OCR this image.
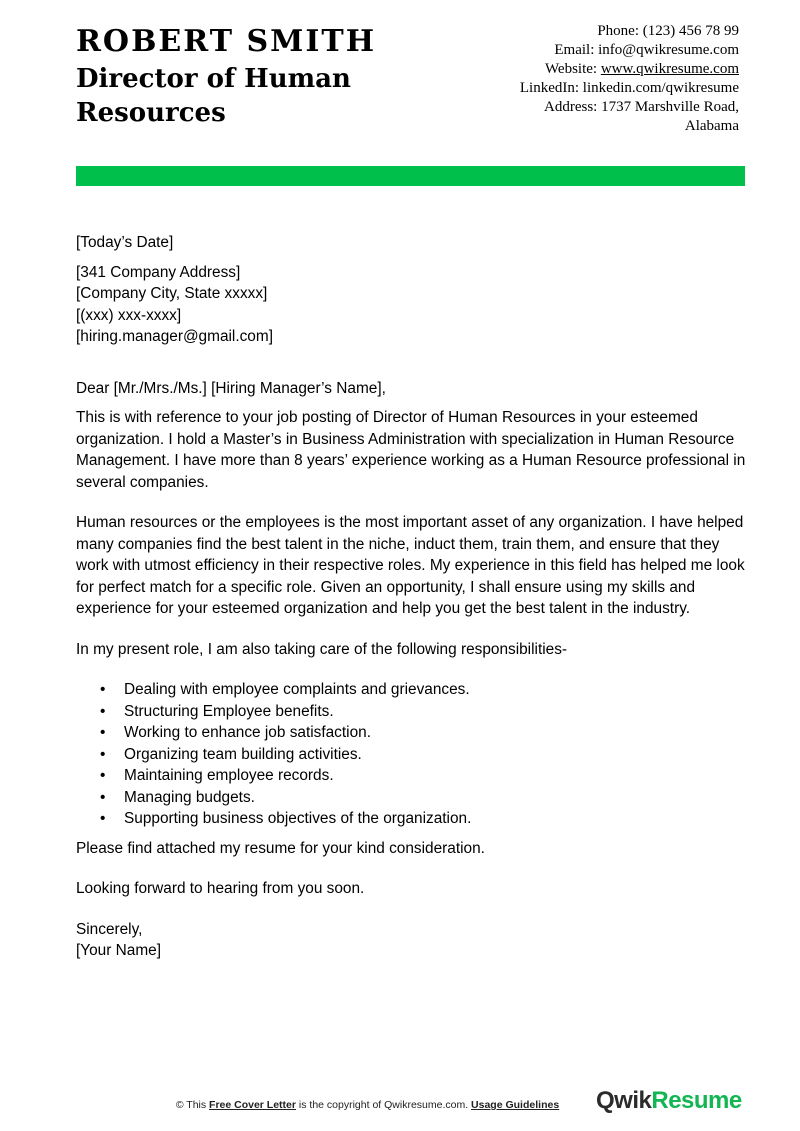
ROBERT SMITH
Director of Human Resources
Phone: (123) 456 78 99
Email: info@qwikresume.com
Website: www.qwikresume.com
LinkedIn: linkedin.com/qwikresume
Address: 1737 Marshville Road,
Alabama

[Today’s Date]

[341 Company Address]

[Company City, State xxxxx]

[(xxx) xxx-xxxx]

[hiring.manager@gmail.com]

Dear [Mr./Mrs./Ms.] [Hiring Manager’s Name],

This is with reference to your job posting of Director of Human Resources in your esteemed organization. I hold a Master’s in Business Administration with specialization in Human Resource Management. I have more than 8 years’ experience working as a Human Resource professional in several companies.

Human resources or the employees is the most important asset of any organization. I have helped many companies find the best talent in the niche, induct them, train them, and ensure that they work with utmost efficiency in their respective roles. My experience in this field has helped me look for perfect match for a specific role. Given an opportunity, I shall ensure using my skills and experience for your esteemed organization and help you get the best talent in the industry.

In my present role, I am also taking care of the following responsibilities-

• Dealing with employee complaints and grievances.
• Structuring Employee benefits.
• Working to enhance job satisfaction.
• Organizing team building activities.
• Maintaining employee records.
• Managing budgets.
• Supporting business objectives of the organization.

Please find attached my resume for your kind consideration.

Looking forward to hearing from you soon.

Sincerely,

[Your Name]

© This Free Cover Letter is the copyright of Qwikresume.com. Usage Guidelines	QwikResume
